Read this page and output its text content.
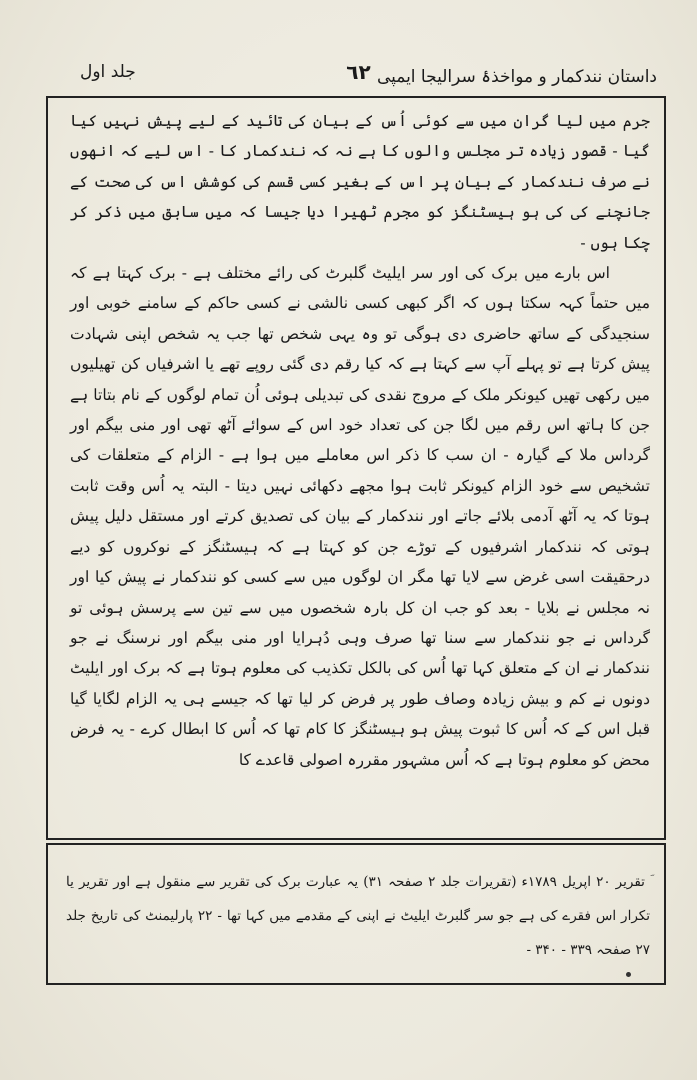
داستان نندکمار و مواخذۂ سرالیجا ایمپی
٦٢
جلد اول

جرم میں لیا گران میں سے کوئی اُس کے بیان کی تائید کے لیے پیش نہیں کیا گیا - قصور زیادہ تر مجلس والوں کا ہے نہ کہ نندکمار کا - اس لیے کہ انھوں نے صرف نندکمار کے بیان پر اس کے بغیر کسی قسم کی کوشش اس کی صحت کے جانچنے کی کی ہو ہیسٹنگز کو مجرم ٹھیرا دیا جیسا کہ میں سابق میں ذکر کر چکا ہوں -

اس بارے میں برک کی اور سر ایلیٹ گلبرٹ کی رائے مختلف ہے - برک کہتا ہے کہ میں حتماً کہہ سکتا ہوں کہ اگر کبھی کسی نالشی نے کسی حاکم کے سامنے خوبی اور سنجیدگی کے ساتھ حاضری دی ہوگی تو وہ یہی شخص تھا جب یہ شخص اپنی شہادت پیش کرتا ہے تو پہلے آپ سے کہتا ہے کہ کیا رقم دی گئی روپے تھے یا اشرفیاں کن تھیلیوں میں رکھی تھیں کیونکر ملک کے مروج نقدی کی تبدیلی ہوئی اُن تمام لوگوں کے نام بتاتا ہے جن کا ہاتھ اس رقم میں لگا جن کی تعداد خود اس کے سوائے آٹھ تھی اور منی بیگم اور گرداس ملا کے گیارہ - ان سب کا ذکر اس معاملے میں ہوا ہے - الزام کے متعلقات کی تشخیص سے خود الزام کیونکر ثابت ہوا مجھے دکھائی نہیں دیتا - البتہ یہ اُس وقت ثابت ہوتا کہ یہ آٹھ آدمی بلائے جاتے اور نندکمار کے بیان کی تصدیق کرتے اور مستقل دلیل پیش ہوتی کہ نندکمار اشرفیوں کے توڑے جن کو کہتا ہے کہ ہیسٹنگز کے نوکروں کو دیے درحقیقت اسی غرض سے لایا تھا مگر ان لوگوں میں سے کسی کو نندکمار نے پیش کیا اور نہ مجلس نے بلایا - بعد کو جب ان کل بارہ شخصوں میں سے تین سے پرسش ہوئی تو گرداس نے جو نندکمار سے سنا تھا صرف وہی دُہرایا اور منی بیگم اور نرسنگ نے جو نندکمار نے ان کے متعلق کہا تھا اُس کی بالکل تکذیب کی معلوم ہوتا ہے کہ برک اور ایلیٹ دونوں نے کم و بیش زیادہ وصاف طور پر فرض کر لیا تھا کہ جیسے ہی یہ الزام لگایا گیا قبل اس کے کہ اُس کا ثبوت پیش ہو ہیسٹنگز کا کام تھا کہ اُس کا ابطال کرے - یہ فرض محض کو معلوم ہوتا ہے کہ اُس مشہور مقررہ اصولی قاعدے کا

ؔ تقریر ۲۰ اپریل ۱۷۸۹ء (تقریرات جلد ۲ صفحہ ۳۱) یہ عبارت برک کی تقریر سے منقول ہے اور تقریر یا تکرار اس فقرے کی ہے جو سر گلبرٹ ایلیٹ نے اپنی کے مقدمے میں کہا تھا - ۲۲ پارلیمنٹ کی تاریخ جلد ۲۷ صفحہ ۳۳۹ - ۳۴۰ -
